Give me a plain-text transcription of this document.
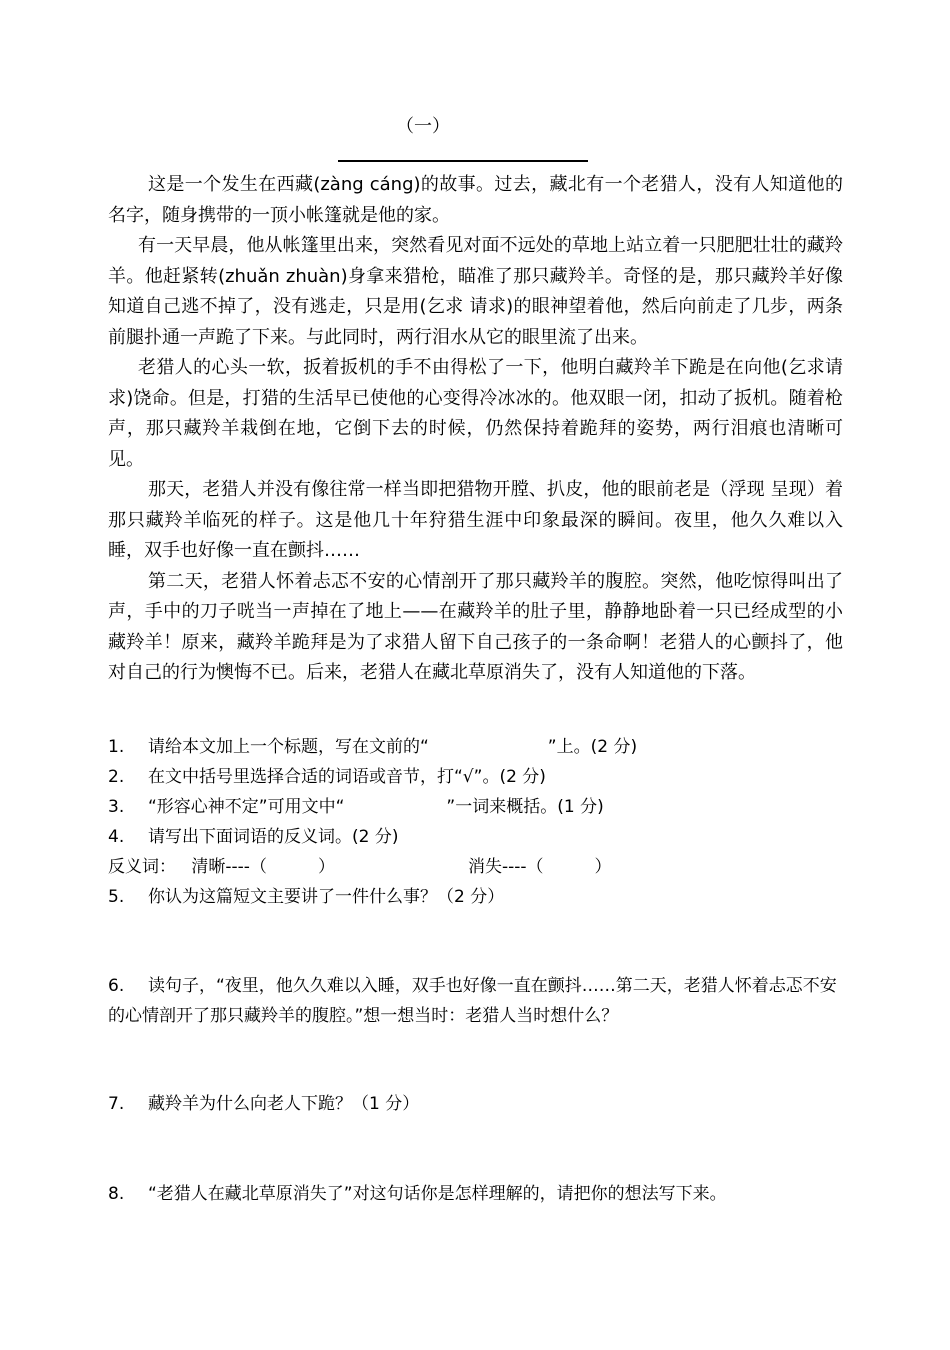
（一）

这是一个发生在西藏(zàng cáng)的故事。过去，藏北有一个老猎人，没有人知道他的名字，随身携带的一顶小帐篷就是他的家。

有一天早晨，他从帐篷里出来，突然看见对面不远处的草地上站立着一只肥肥壮壮的藏羚羊。他赶紧转(zhuǎn zhuàn)身拿来猎枪，瞄准了那只藏羚羊。奇怪的是，那只藏羚羊好像知道自己逃不掉了，没有逃走，只是用(乞求 请求)的眼神望着他，然后向前走了几步，两条前腿扑通一声跪了下来。与此同时，两行泪水从它的眼里流了出来。

老猎人的心头一软，扳着扳机的手不由得松了一下，他明白藏羚羊下跪是在向他(乞求请求)饶命。但是，打猎的生活早已使他的心变得冷冰冰的。他双眼一闭，扣动了扳机。随着枪声，那只藏羚羊栽倒在地，它倒下去的时候，仍然保持着跪拜的姿势，两行泪痕也清晰可见。

那天，老猎人并没有像往常一样当即把猎物开膛、扒皮，他的眼前老是（浮现 呈现）着那只藏羚羊临死的样子。这是他几十年狩猎生涯中印象最深的瞬间。夜里，他久久难以入睡，双手也好像一直在颤抖……

第二天，老猎人怀着忐忑不安的心情剖开了那只藏羚羊的腹腔。突然，他吃惊得叫出了声，手中的刀子咣当一声掉在了地上——在藏羚羊的肚子里，静静地卧着一只已经成型的小藏羚羊！原来，藏羚羊跪拜是为了求猎人留下自己孩子的一条命啊！老猎人的心颤抖了，他对自己的行为懊悔不已。后来，老猎人在藏北草原消失了，没有人知道他的下落。

1. 请给本文加上一个标题，写在文前的“　　　　　　　”上。(2 分)
2. 在文中括号里选择合适的词语或音节，打“√”。(2 分)
3. “形容心神不定”可用文中“　　　　　　”一词来概括。(1 分)
4. 请写出下面词语的反义词。(2 分)
反义词： 清晰----（　　　）	消失----（　　　）
5. 你认为这篇短文主要讲了一件什么事？（2 分）
6. 读句子，“夜里，他久久难以入睡，双手也好像一直在颤抖……第二天，老猎人怀着忐忑不安的心情剖开了那只藏羚羊的腹腔。”想一想当时：老猎人当时想什么？
7. 藏羚羊为什么向老人下跪？（1 分）
8. “老猎人在藏北草原消失了”对这句话你是怎样理解的，请把你的想法写下来。
